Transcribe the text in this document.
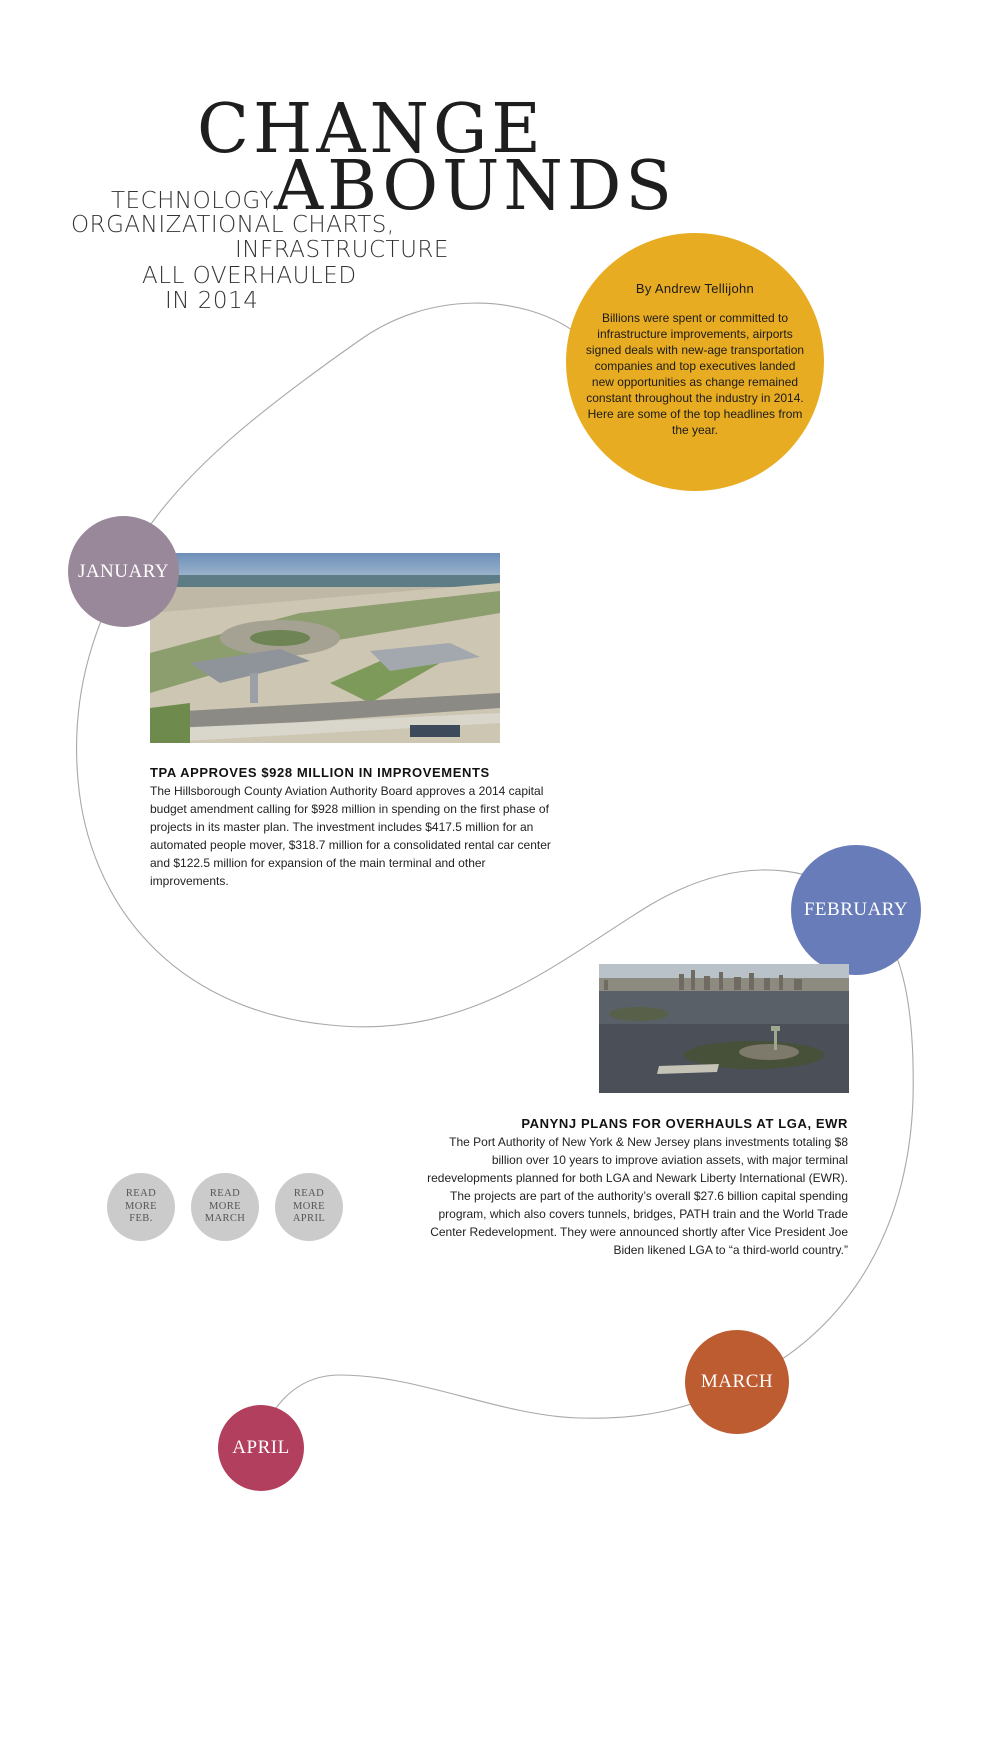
CHANGE
ABOUNDS
TECHNOLOGY,
ORGANIZATIONAL CHARTS,
INFRASTRUCTURE
ALL OVERHAULED
IN 2014	By Andrew Tellijohn
Billions were spent or committed to infrastructure improvements, airports signed deals with new-age transportation companies and top executives landed new opportunities as change remained constant throughout the industry in 2014. Here are some of the top headlines from the year.
JANUARY
TPA APPROVES $928 MILLION IN IMPROVEMENTS
The Hillsborough County Aviation Authority Board approves a 2014 capital budget amendment calling for $928 million in spending on the first phase of projects in its master plan. The investment includes $417.5 million for an automated people mover, $318.7 million for a consolidated rental car center and $122.5 million for expansion of the main terminal and other improvements.
FEBRUARY
PANYNJ PLANS FOR OVERHAULS AT LGA, EWR
The Port Authority of New York & New Jersey plans investments totaling $8 billion over 10 years to improve aviation assets, with major terminal redevelopments planned for both LGA and Newark Liberty International (EWR). The projects are part of the authority’s overall $27.6 billion capital spending program, which also covers tunnels, bridges, PATH train and the World Trade Center Redevelopment. They were announced shortly after Vice President Joe Biden likened LGA to “a third-world country.”
READ
MORE
FEB.
READ
MORE
MARCH
READ
MORE
APRIL
MARCH
APRIL
